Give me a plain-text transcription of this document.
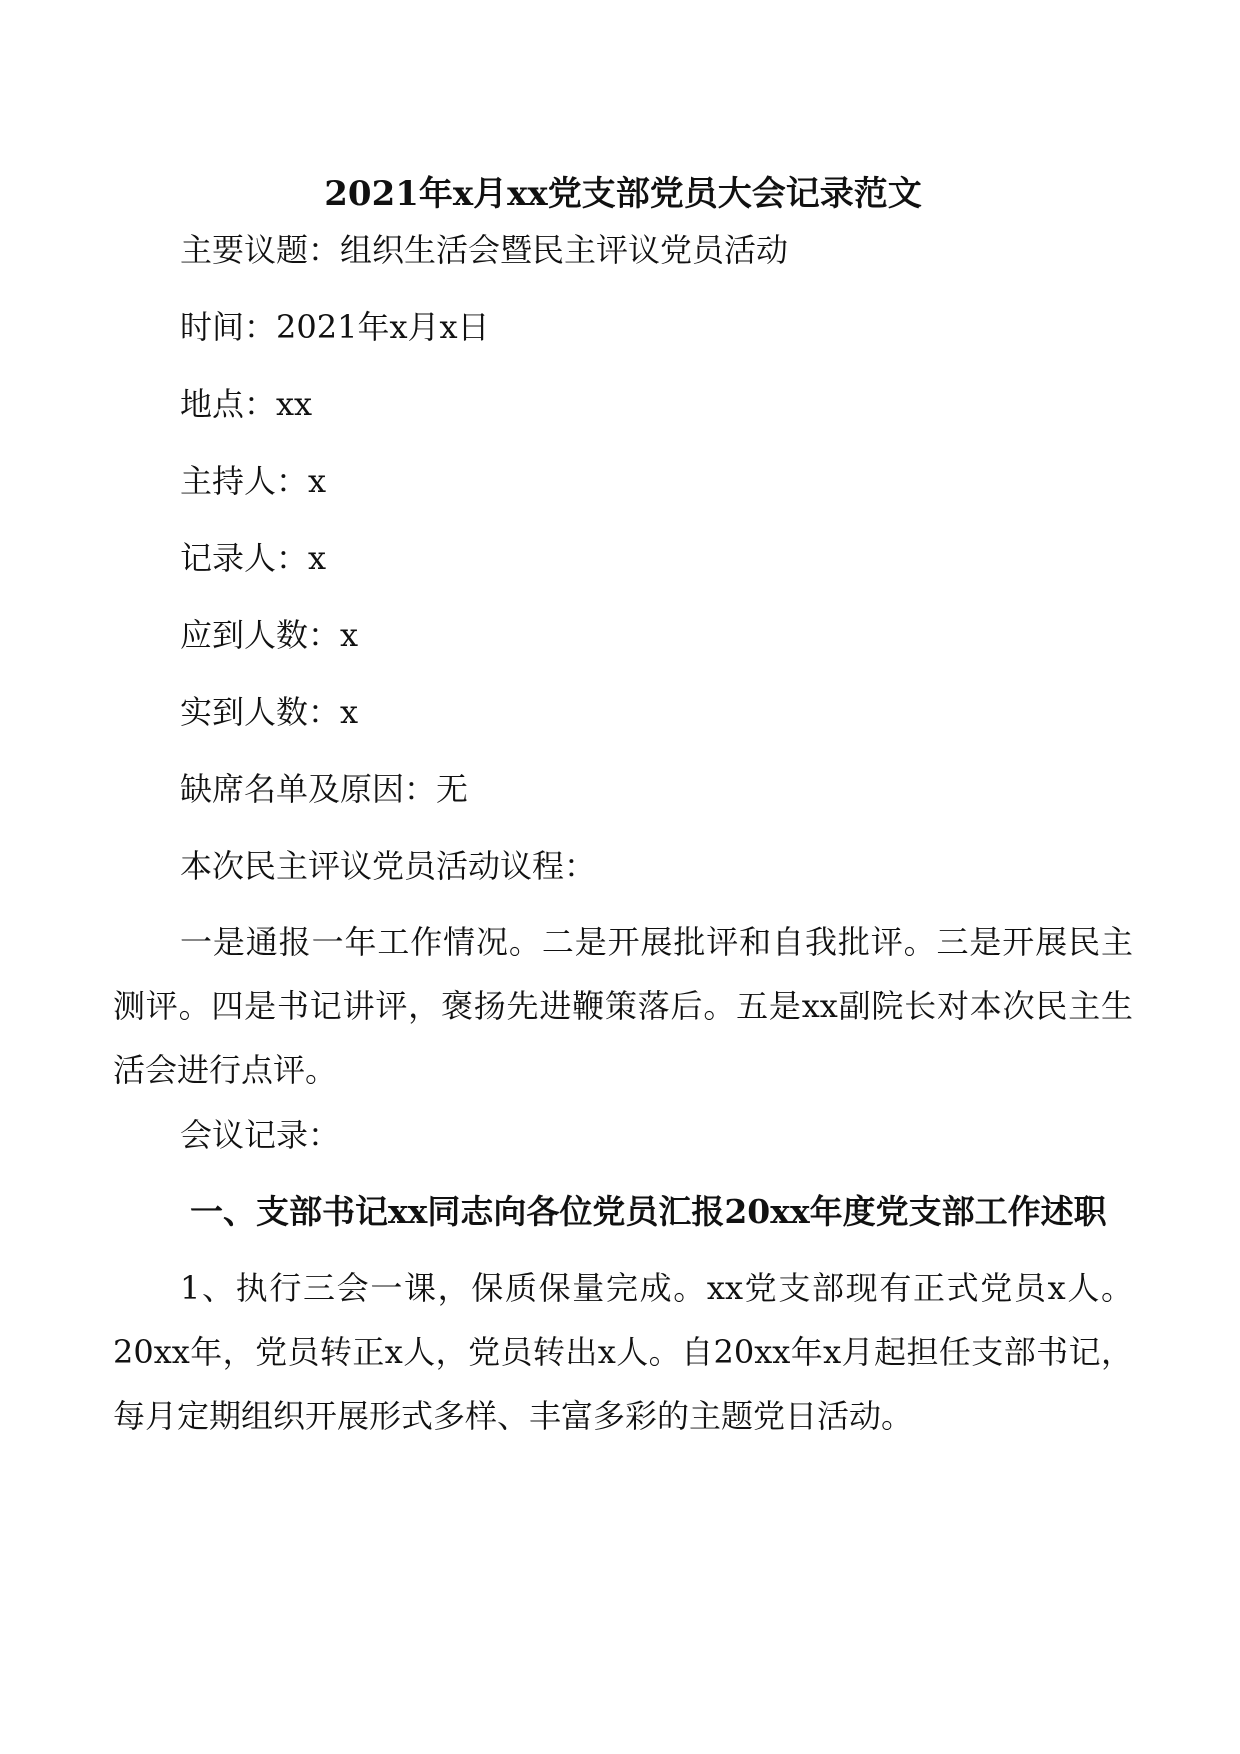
2021年x月xx党支部党员大会记录范文

主要议题：组织生活会暨民主评议党员活动

时间：2021年x月x日

地点：xx

主持人：x

记录人：x

应到人数：x

实到人数：x

缺席名单及原因：无

本次民主评议党员活动议程：

一是通报一年工作情况。二是开展批评和自我批评。三是开展民主测评。四是书记讲评，褒扬先进鞭策落后。五是xx副院长对本次民主生活会进行点评。

会议记录：

一、支部书记xx同志向各位党员汇报20xx年度党支部工作述职

1、执行三会一课，保质保量完成。xx党支部现有正式党员x人。20xx年，党员转正x人，党员转出x人。自20xx年x月起担任支部书记，每月定期组织开展形式多样、丰富多彩的主题党日活动。
